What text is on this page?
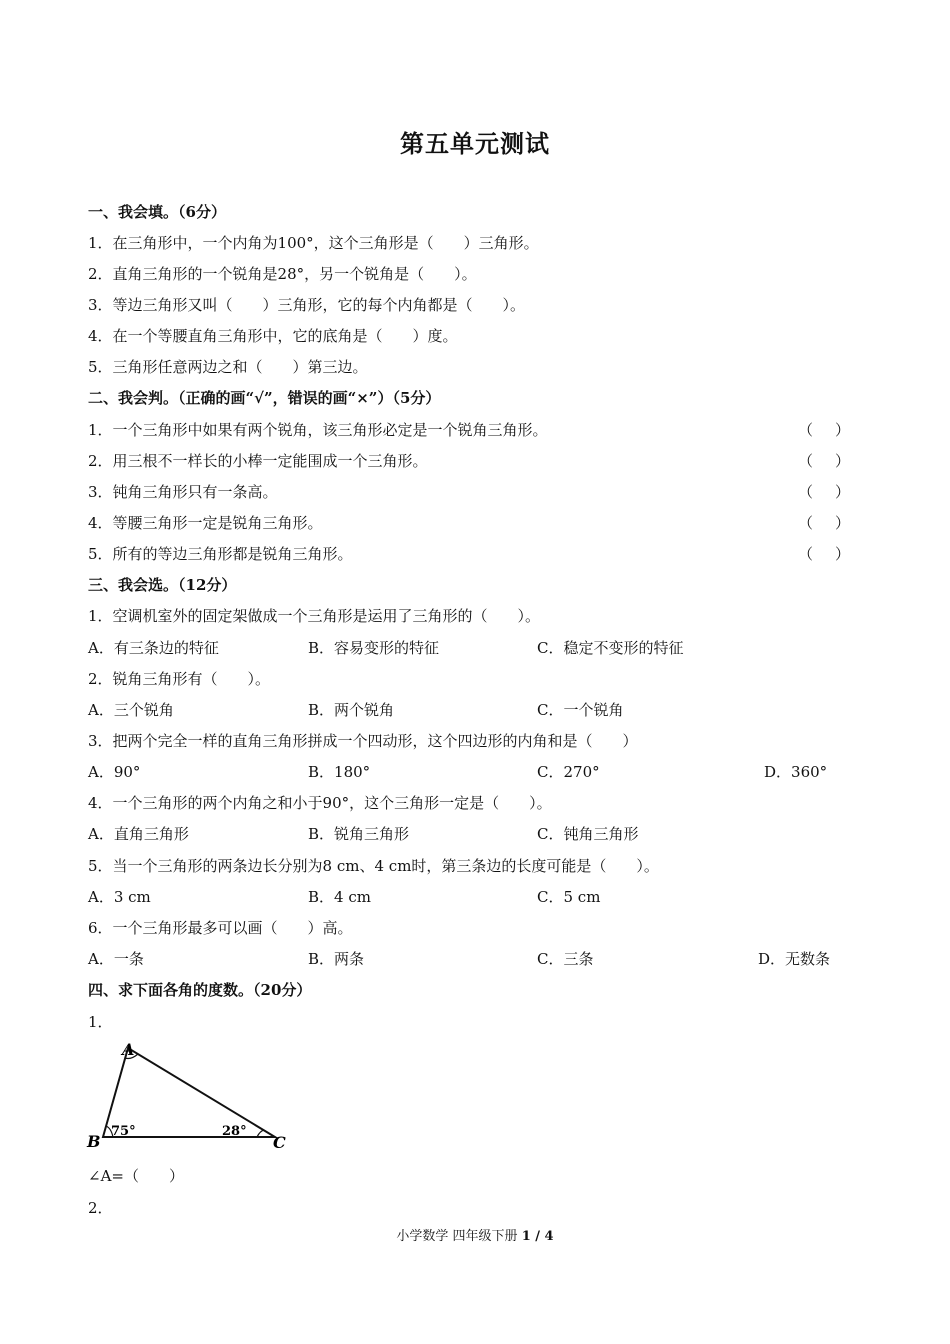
第五单元测试
一、我会填。（6分）
1．在三角形中，一个内角为100°，这个三角形是（　　）三角形。
2．直角三角形的一个锐角是28°，另一个锐角是（　　）。
3．等边三角形又叫（　　）三角形，它的每个内角都是（　　）。
4．在一个等腰直角三角形中，它的底角是（　　）度。
5．三角形任意两边之和（　　）第三边。
二、我会判。（正确的画“√”，错误的画“×”）（5分）
1．一个三角形中如果有两个锐角，该三角形必定是一个锐角三角形。	（ ）
2．用三根不一样长的小棒一定能围成一个三角形。	（ ）
3．钝角三角形只有一条高。	（ ）
4．等腰三角形一定是锐角三角形。	（ ）
5．所有的等边三角形都是锐角三角形。	（ ）
三、我会选。（12分）
1．空调机室外的固定架做成一个三角形是运用了三角形的（　　）。
A．有三条边的特征	B．容易变形的特征	C．稳定不变形的特征
2．锐角三角形有（　　）。
A．三个锐角	B．两个锐角	C．一个锐角
3．把两个完全一样的直角三角形拼成一个四动形，这个四边形的内角和是（　　）
A．90°	B．180°	C．270°	D．360°
4．一个三角形的两个内角之和小于90°，这个三角形一定是（　　）。
A．直角三角形	B．锐角三角形	C．钝角三角形
5．当一个三角形的两条边长分别为8 cm、4 cm时，第三条边的长度可能是（　　）。
A．3 cm	B．4 cm	C．5 cm
6．一个三角形最多可以画（　　）高。
A．一条	B．两条	C．三条	D．无数条
四、求下面各角的度数。（20分）
1．
A
B	C
75°	28°
∠A=（　　）
2．
小学数学 四年级下册 1 / 4
